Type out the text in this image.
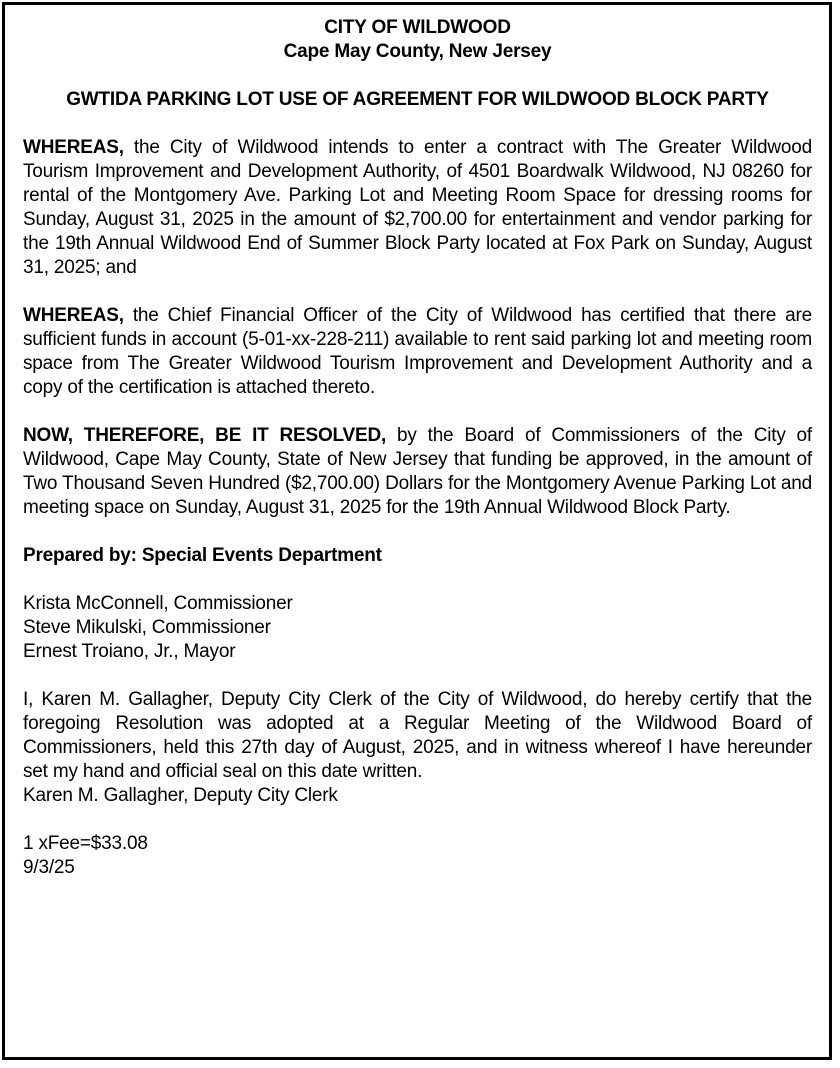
CITY OF WILDWOOD

Cape May County, New Jersey

GWTIDA PARKING LOT USE OF AGREEMENT FOR WILDWOOD BLOCK PARTY

WHEREAS, the City of Wildwood intends to enter a contract with The Greater Wildwood Tourism Improvement and Development Authority, of 4501 Boardwalk Wildwood, NJ 08260 for rental of the Montgomery Ave. Parking Lot and Meeting Room Space for dressing rooms for Sunday, August 31, 2025 in the amount of $2,700.00 for entertainment and vendor parking for the 19th Annual Wildwood End of Summer Block Party located at Fox Park on Sunday, August 31, 2025; and

WHEREAS, the Chief Financial Officer of the City of Wildwood has certified that there are sufficient funds in account (5-01-xx-228-211) available to rent said parking lot and meeting room space from The Greater Wildwood Tourism Improvement and Development Authority and a copy of the certification is attached thereto.

NOW, THEREFORE, BE IT RESOLVED, by the Board of Commissioners of the City of Wildwood, Cape May County, State of New Jersey that funding be approved, in the amount of Two Thousand Seven Hundred ($2,700.00) Dollars for the Montgomery Avenue Parking Lot and meeting space on Sunday, August 31, 2025 for the 19th Annual Wildwood Block Party.

Prepared by: Special Events Department

Krista McConnell, Commissioner

Steve Mikulski, Commissioner

Ernest Troiano, Jr., Mayor

I, Karen M. Gallagher, Deputy City Clerk of the City of Wildwood, do hereby certify that the foregoing Resolution was adopted at a Regular Meeting of the Wildwood Board of Commissioners, held this 27th day of August, 2025, and in witness whereof I have hereunder set my hand and official seal on this date written.

Karen M. Gallagher, Deputy City Clerk

1 xFee=$33.08

9/3/25
